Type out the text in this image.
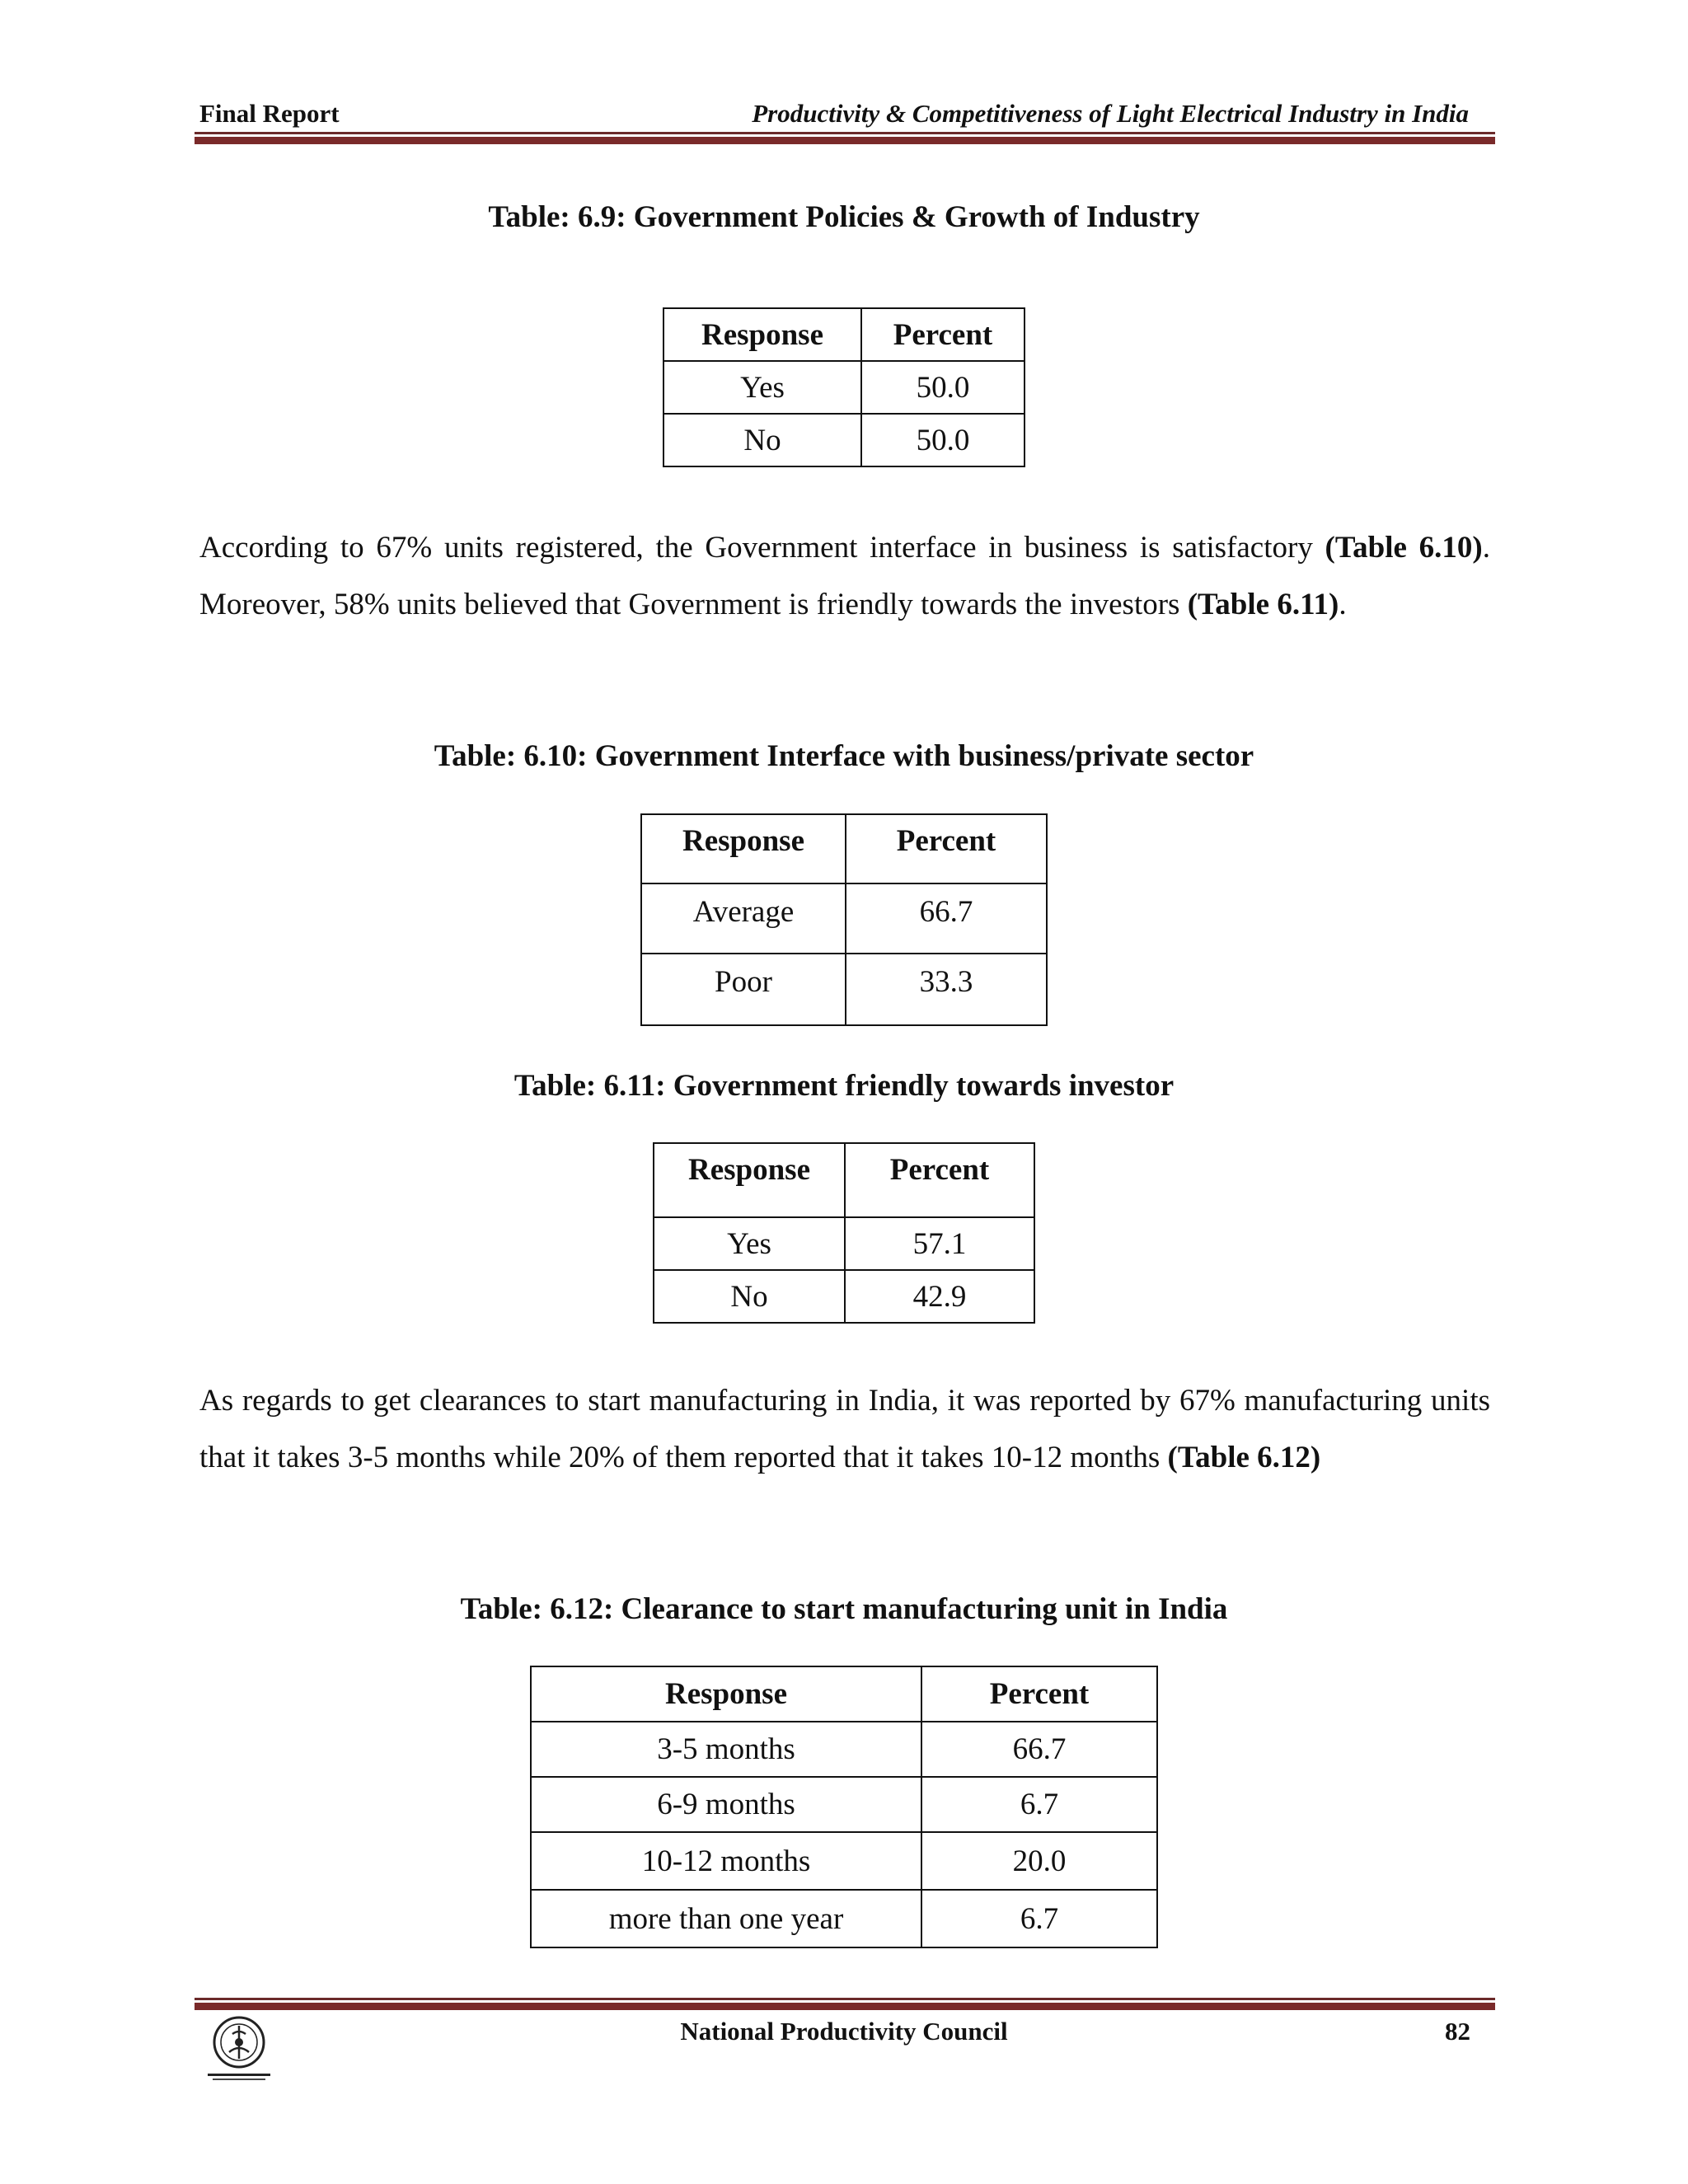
Final Report	Productivity & Competitiveness of Light Electrical Industry in India
Table: 6.9: Government Policies & Growth of Industry
Response	Percent
Yes	50.0
No	50.0
According to 67% units registered, the Government interface in business is satisfactory (Table 6.10). Moreover, 58% units believed that Government is friendly towards the investors (Table 6.11).
Table: 6.10: Government Interface with business/private sector
Response	Percent
Average	66.7
Poor	33.3
Table: 6.11: Government friendly towards investor
Response	Percent
Yes	57.1
No	42.9
As regards to get clearances to start manufacturing in India, it was reported by 67% manufacturing units that it takes 3-5 months while 20% of them reported that it takes 10-12 months (Table 6.12)
Table: 6.12: Clearance to start manufacturing unit in India
Response	Percent
3-5 months	66.7
6-9 months	6.7
10-12 months	20.0
more than one year	6.7
National Productivity Council	82
